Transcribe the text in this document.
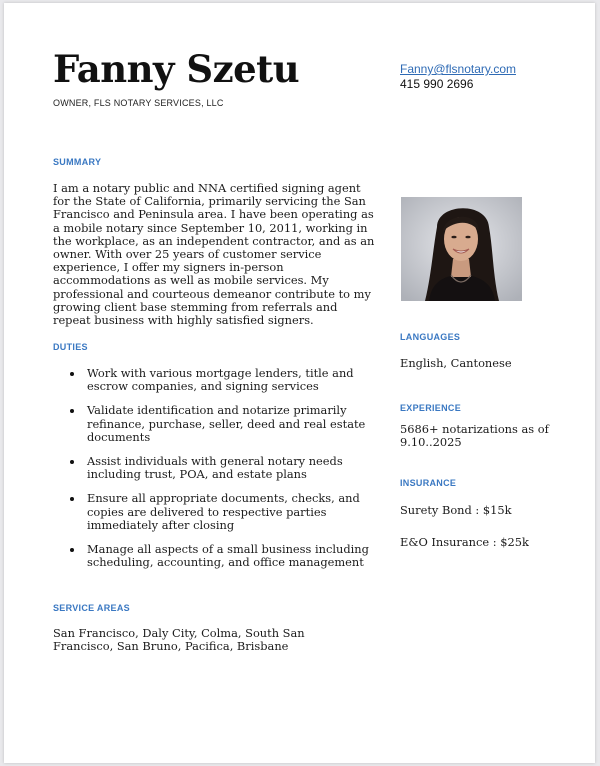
Fanny Szetu
OWNER, FLS NOTARY SERVICES, LLC
Fanny@flsnotary.com
415 990 2696
SUMMARY
I am a notary public and NNA certified signing agent for the State of California, primarily servicing the San Francisco and Peninsula area. I have been operating as a mobile notary since September 10, 2011, working in the workplace, as an independent contractor, and as an owner. With over 25 years of customer service experience, I offer my signers in-person accommodations as well as mobile services. My professional and courteous demeanor contribute to my growing client base stemming from referrals and repeat business with highly satisfied signers.
DUTIES
Work with various mortgage lenders, title and escrow companies, and signing services
Validate identification and notarize primarily refinance, purchase, seller, deed and real estate documents
Assist individuals with general notary needs including trust, POA, and estate plans
Ensure all appropriate documents, checks, and copies are delivered to respective parties immediately after closing
Manage all aspects of a small business including scheduling, accounting, and office management
SERVICE AREAS
San Francisco, Daly City, Colma, South San Francisco, San Bruno, Pacifica, Brisbane
LANGUAGES
English, Cantonese
EXPERIENCE
5686+ notarizations as of 9.10..2025
INSURANCE
Surety Bond : $15k
E&O Insurance : $25k
